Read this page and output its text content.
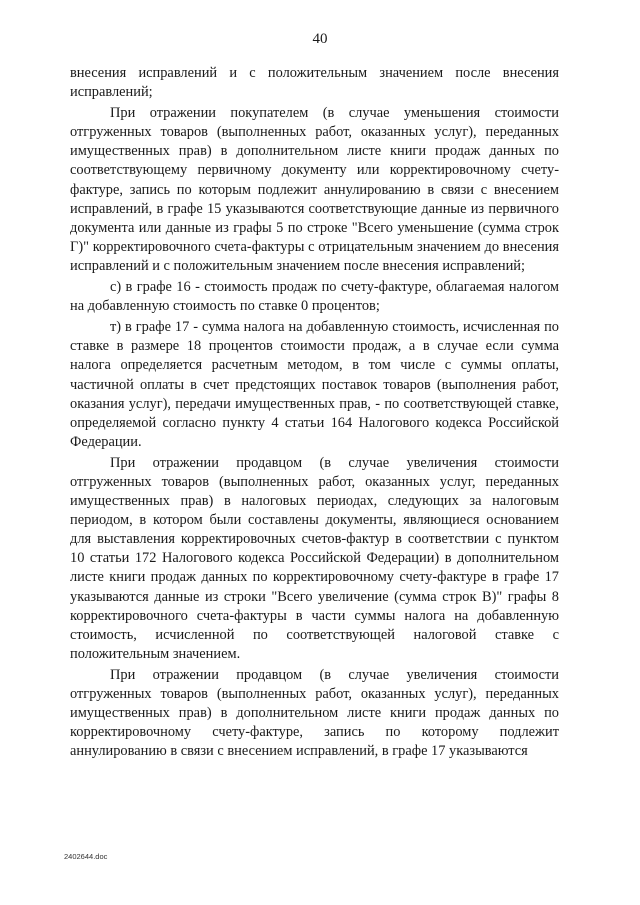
40

внесения исправлений и с положительным значением после внесения исправлений;

При отражении покупателем (в случае уменьшения стоимости отгруженных товаров (выполненных работ, оказанных услуг), переданных имущественных прав) в дополнительном листе книги продаж данных по соответствующему первичному документу или корректировочному счету-фактуре, запись по которым подлежит аннулированию в связи с внесением исправлений, в графе 15 указываются соответствующие данные из первичного документа или данные из графы 5 по строке "Всего уменьшение (сумма строк Г)" корректировочного счета-фактуры с отрицательным значением до внесения исправлений и с положительным значением после внесения исправлений;

с) в графе 16 - стоимость продаж по счету-фактуре, облагаемая налогом на добавленную стоимость по ставке 0 процентов;

т) в графе 17 - сумма налога на добавленную стоимость, исчисленная по ставке в размере 18 процентов стоимости продаж, а в случае если сумма налога определяется расчетным методом, в том числе с суммы оплаты, частичной оплаты в счет предстоящих поставок товаров (выполнения работ, оказания услуг), передачи имущественных прав, - по соответствующей ставке, определяемой согласно пункту 4 статьи 164 Налогового кодекса Российской Федерации.

При отражении продавцом (в случае увеличения стоимости отгруженных товаров (выполненных работ, оказанных услуг, переданных имущественных прав) в налоговых периодах, следующих за налоговым периодом, в котором были составлены документы, являющиеся основанием для выставления корректировочных счетов-фактур в соответствии с пунктом 10 статьи 172 Налогового кодекса Российской Федерации) в дополнительном листе книги продаж данных по корректировочному счету-фактуре в графе 17 указываются данные из строки "Всего увеличение (сумма строк В)" графы 8 корректировочного счета-фактуры в части суммы налога на добавленную стоимость, исчисленной по соответствующей налоговой ставке с положительным значением.

При отражении продавцом (в случае увеличения стоимости отгруженных товаров (выполненных работ, оказанных услуг), переданных имущественных прав) в дополнительном листе книги продаж данных по корректировочному счету-фактуре, запись по которому подлежит аннулированию в связи с внесением исправлений, в графе 17 указываются

2402644.doc
